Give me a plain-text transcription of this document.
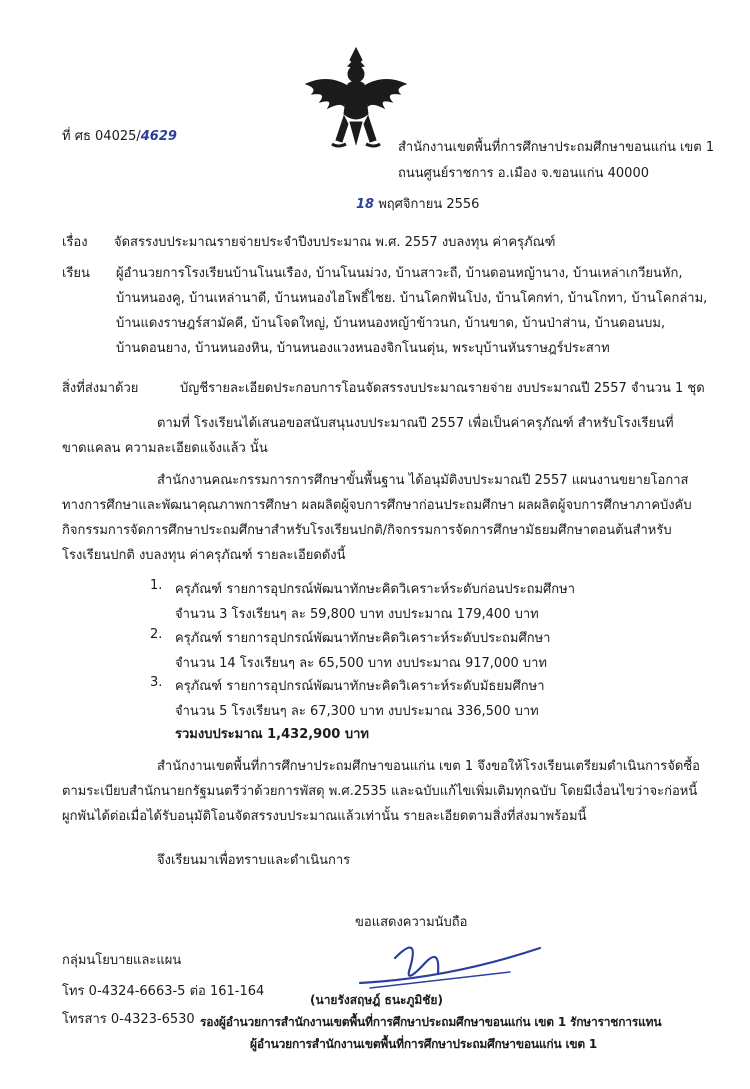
ที่ ศธ 04025/4629
สำนักงานเขตพื้นที่การศึกษาประถมศึกษาขอนแก่น เขต 1
ถนนศูนย์ราชการ อ.เมือง จ.ขอนแก่น 40000
18 พฤศจิกายน 2556
เรื่อง จัดสรรงบประมาณรายจ่ายประจำปีงบประมาณ พ.ศ. 2557 งบลงทุน ค่าครุภัณฑ์
เรียน ผู้อำนวยการโรงเรียนบ้านโนนเรือง, บ้านโนนม่วง, บ้านสาวะถี, บ้านดอนหญ้านาง, บ้านเหล่าเกวียนหัก,
บ้านหนองคู, บ้านเหล่านาดี, บ้านหนองไฮโพธิ์ไชย. บ้านโคกฟันโปง, บ้านโคกท่า, บ้านโกทา, บ้านโคกล่าม,
บ้านแดงราษฎร์สามัคคี, บ้านโจดใหญ่, บ้านหนองหญ้าข้าวนก, บ้านขาด, บ้านป่าส่าน, บ้านดอนบม,
บ้านดอนยาง, บ้านหนองหิน, บ้านหนองแวงหนองจิกโนนตุ่น, พระบุบ้านหันราษฎร์ประสาท
สิ่งที่ส่งมาด้วย	บัญชีรายละเอียดประกอบการโอนจัดสรรงบประมาณรายจ่าย งบประมาณปี 2557 จำนวน 1 ชุด
ตามที่ โรงเรียนได้เสนอขอสนับสนุนงบประมาณปี 2557 เพื่อเป็นค่าครุภัณฑ์ สำหรับโรงเรียนที่ขาดแคลน ความละเอียดแจ้งแล้ว นั้น
สำนักงานคณะกรรมการการศึกษาขั้นพื้นฐาน ได้อนุมัติงบประมาณปี 2557 แผนงานขยายโอกาสทางการศึกษาและพัฒนาคุณภาพการศึกษา ผลผลิตผู้จบการศึกษาก่อนประถมศึกษา ผลผลิตผู้จบการศึกษาภาคบังคับ กิจกรรมการจัดการศึกษาประถมศึกษาสำหรับโรงเรียนปกติ/กิจกรรมการจัดการศึกษามัธยมศึกษาตอนต้นสำหรับโรงเรียนปกติ งบลงทุน ค่าครุภัณฑ์ รายละเอียดดังนี้
1. ครุภัณฑ์ รายการอุปกรณ์พัฒนาทักษะคิดวิเคราะห์ระดับก่อนประถมศึกษา
จำนวน 3 โรงเรียนๆ ละ 59,800 บาท งบประมาณ 179,400 บาท
2. ครุภัณฑ์ รายการอุปกรณ์พัฒนาทักษะคิดวิเคราะห์ระดับประถมศึกษา
จำนวน 14 โรงเรียนๆ ละ 65,500 บาท งบประมาณ 917,000 บาท
3. ครุภัณฑ์ รายการอุปกรณ์พัฒนาทักษะคิดวิเคราะห์ระดับมัธยมศึกษา
จำนวน 5 โรงเรียนๆ ละ 67,300 บาท งบประมาณ 336,500 บาท
รวมงบประมาณ 1,432,900 บาท
สำนักงานเขตพื้นที่การศึกษาประถมศึกษาขอนแก่น เขต 1 จึงขอให้โรงเรียนเตรียมดำเนินการจัดซื้อตามระเบียบสำนักนายกรัฐมนตรีว่าด้วยการพัสดุ พ.ศ.2535 และฉบับแก้ไขเพิ่มเติมทุกฉบับ โดยมีเงื่อนไขว่าจะก่อหนี้ผูกพันได้ต่อเมื่อได้รับอนุมัติโอนจัดสรรงบประมาณแล้วเท่านั้น รายละเอียดตามสิ่งที่ส่งมาพร้อมนี้
จึงเรียนมาเพื่อทราบและดำเนินการ
ขอแสดงความนับถือ
(นายรังสฤษฎ์ ธนะภูมิชัย)
รองผู้อำนวยการสำนักงานเขตพื้นที่การศึกษาประถมศึกษาขอนแก่น เขต 1 รักษาราชการแทน
ผู้อำนวยการสำนักงานเขตพื้นที่การศึกษาประถมศึกษาขอนแก่น เขต 1
กลุ่มนโยบายและแผน
โทร 0-4324-6663-5 ต่อ 161-164
โทรสาร 0-4323-6530
